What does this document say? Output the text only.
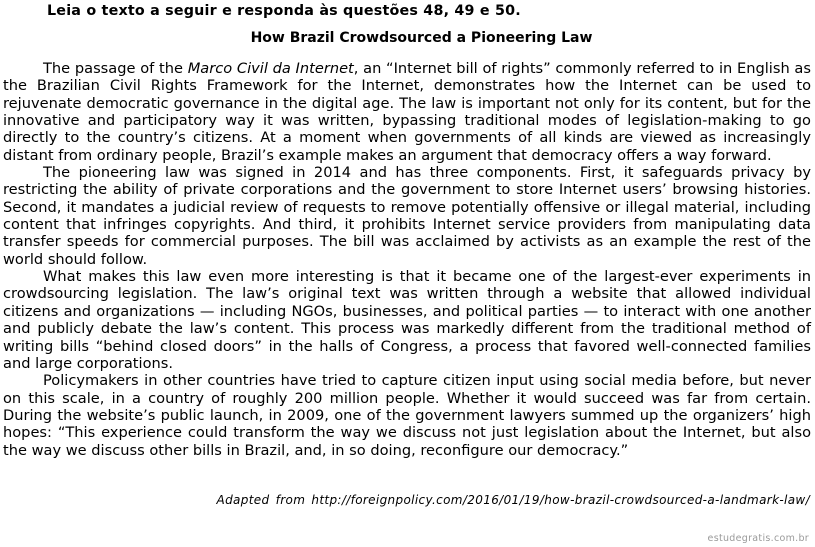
Leia o texto a seguir e responda às questões 48, 49 e 50.

How Brazil Crowdsourced a Pioneering Law

The passage of the Marco Civil da Internet, an “Internet bill of rights” commonly referred to in English as the Brazilian Civil Rights Framework for the Internet, demonstrates how the Internet can be used to rejuvenate democratic governance in the digital age. The law is important not only for its content, but for the innovative and participatory way it was written, bypassing traditional modes of legislation-making to go directly to the country’s citizens. At a moment when governments of all kinds are viewed as increasingly distant from ordinary people, Brazil’s example makes an argument that democracy offers a way forward.

The pioneering law was signed in 2014 and has three components. First, it safeguards privacy by restricting the ability of private corporations and the government to store Internet users’ browsing histories. Second, it mandates a judicial review of requests to remove potentially offensive or illegal material, including content that infringes copyrights. And third, it prohibits Internet service providers from manipulating data transfer speeds for commercial purposes. The bill was acclaimed by activists as an example the rest of the world should follow.

What makes this law even more interesting is that it became one of the largest-ever experiments in crowdsourcing legislation. The law’s original text was written through a website that allowed individual citizens and organizations — including NGOs, businesses, and political parties — to interact with one another and publicly debate the law’s content. This process was markedly different from the traditional method of writing bills “behind closed doors” in the halls of Congress, a process that favored well-connected families and large corporations.

Policymakers in other countries have tried to capture citizen input using social media before, but never on this scale, in a country of roughly 200 million people. Whether it would succeed was far from certain. During the website’s public launch, in 2009, one of the government lawyers summed up the organizers’ high hopes: “This experience could transform the way we discuss not just legislation about the Internet, but also the way we discuss other bills in Brazil, and, in so doing, reconfigure our democracy.”

Adapted from http://foreignpolicy.com/2016/01/19/how-brazil-crowdsourced-a-landmark-law/
estudegratis.com.br
